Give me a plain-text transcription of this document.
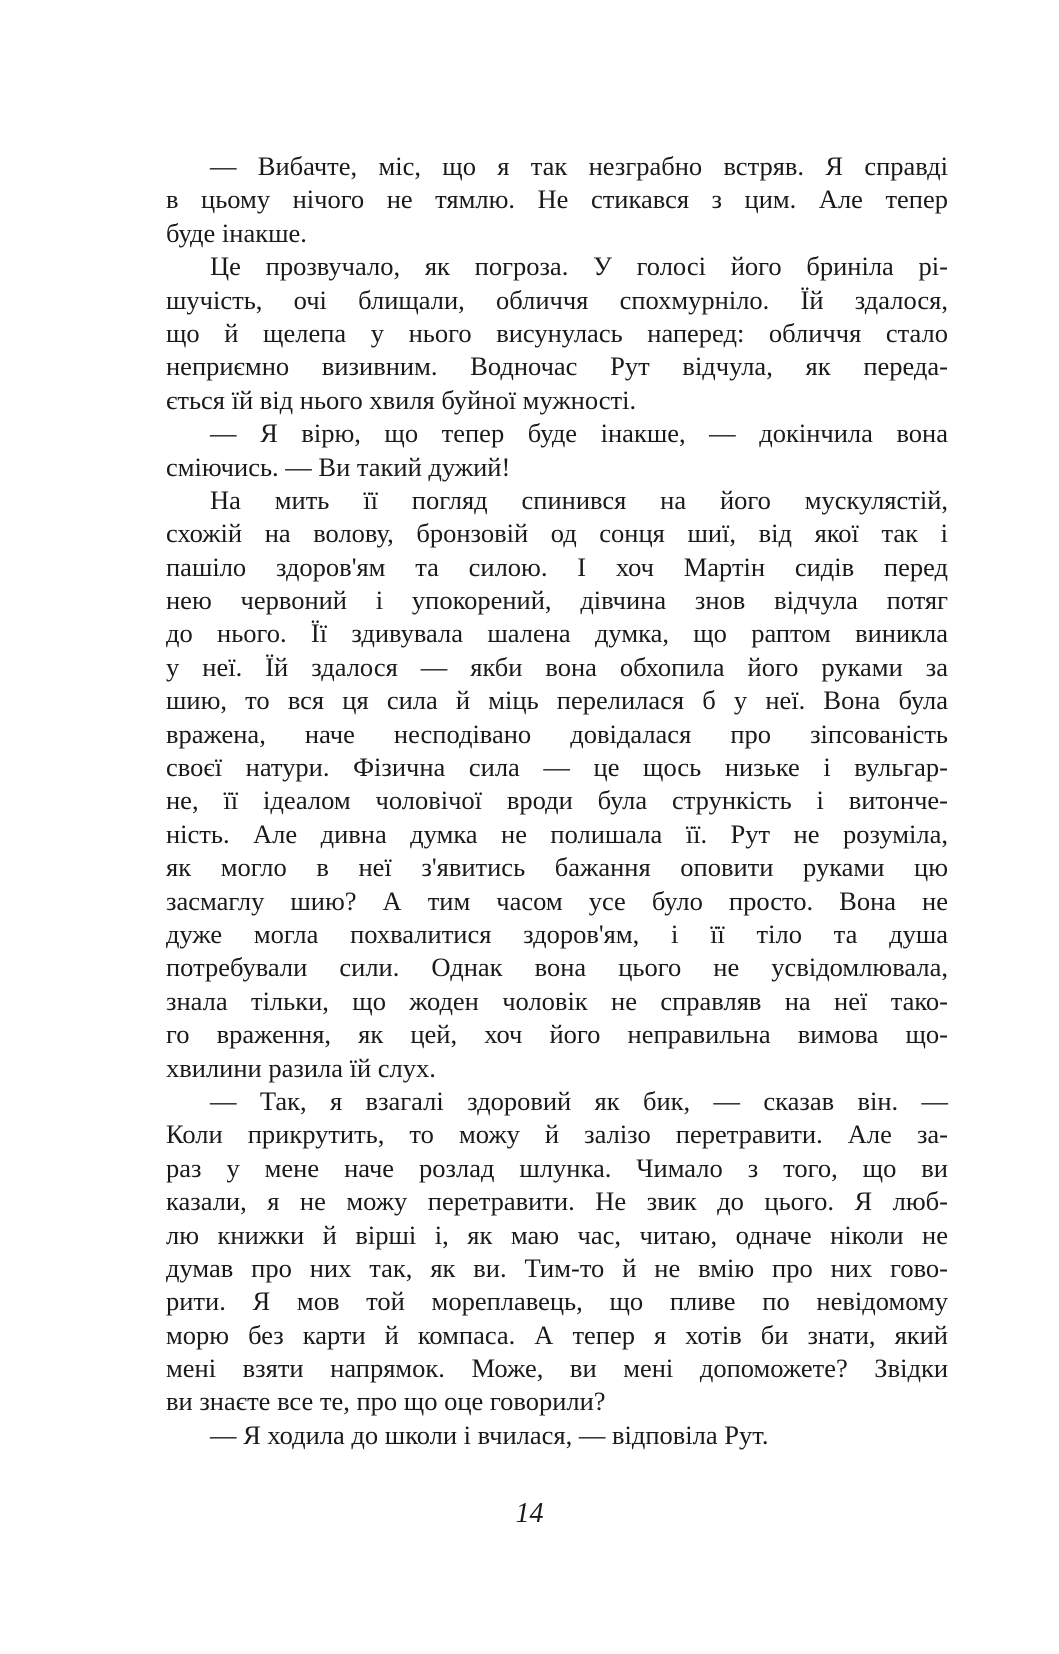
— Вибачте, міс, що я так незграбно встряв. Я справді
в цьому нічого не тямлю. Не стикався з цим. Але тепер
буде інакше.
Це прозвучало, як погроза. У голосі його бриніла рі-
шучість, очі блищали, обличчя спохмурніло. Їй здалося,
що й щелепа у нього висунулась наперед: обличчя стало
неприємно визивним. Водночас Рут відчула, як переда-
ється їй від нього хвиля буйної мужності.
— Я вірю, що тепер буде інакше, — докінчила вона
сміючись. — Ви такий дужий!
На мить її погляд спинився на його мускулястій,
схожій на волову, бронзовій од сонця шиї, від якої так і
пашіло здоров'ям та силою. І хоч Мартін сидів перед
нею червоний і упокорений, дівчина знов відчула потяг
до нього. Її здивувала шалена думка, що раптом виникла
у неї. Їй здалося — якби вона обхопила його руками за
шию, то вся ця сила й міць перелилася б у неї. Вона була
вражена, наче несподівано довідалася про зіпсованість
своєї натури. Фізична сила — це щось низьке і вульгар-
не, її ідеалом чоловічої вроди була стрункість і витонче-
ність. Але дивна думка не полишала її. Рут не розуміла,
як могло в неї з'явитись бажання оповити руками цю
засмаглу шию? А тим часом усе було просто. Вона не
дуже могла похвалитися здоров'ям, і її тіло та душа
потребували сили. Однак вона цього не усвідомлювала,
знала тільки, що жоден чоловік не справляв на неї тако-
го враження, як цей, хоч його неправильна вимова що-
хвилини разила їй слух.
— Так, я взагалі здоровий як бик, — сказав він. —
Коли прикрутить, то можу й залізо перетравити. Але за-
раз у мене наче розлад шлунка. Чимало з того, що ви
казали, я не можу перетравити. Не звик до цього. Я люб-
лю книжки й вірші і, як маю час, читаю, одначе ніколи не
думав про них так, як ви. Тим-то й не вмію про них гово-
рити. Я мов той мореплавець, що пливе по невідомому
морю без карти й компаса. А тепер я хотів би знати, який
мені взяти напрямок. Може, ви мені допоможете? Звідки
ви знаєте все те, про що оце говорили?
— Я ходила до школи і вчилася, — відповіла Рут.
14
